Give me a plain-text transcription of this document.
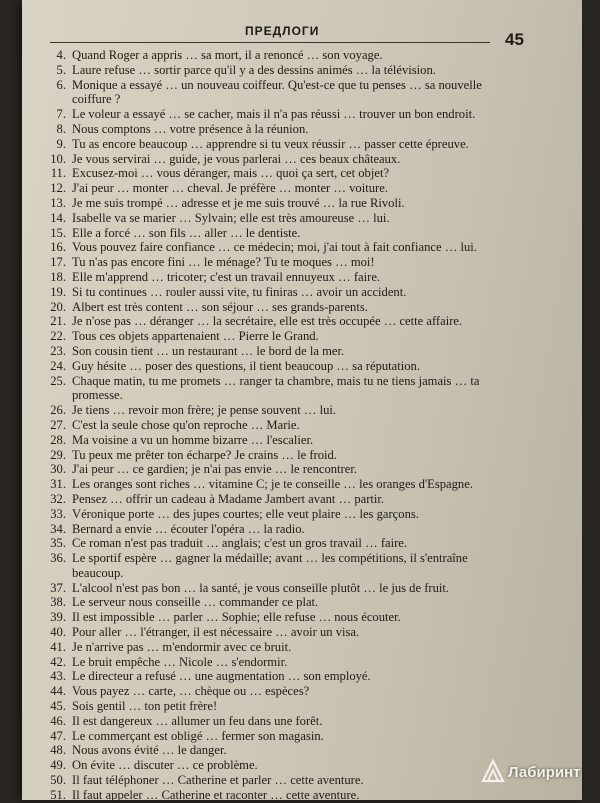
ПРЕДЛОГИ	45
4. Quand Roger a appris … sa mort, il a renoncé … son voyage.
5. Laure refuse … sortir parce qu'il y a des dessins animés … la télévision.
6. Monique a essayé … un nouveau coiffeur. Qu'est-ce que tu penses … sa nouvelle
coiffure ?
7. Le voleur a essayé … se cacher, mais il n'a pas réussi … trouver un bon endroit.
8. Nous comptons … votre présence à la réunion.
9. Tu as encore beaucoup … apprendre si tu veux réussir … passer cette épreuve.
10. Je vous servirai … guide, je vous parlerai … ces beaux châteaux.
11. Excusez-moi … vous déranger, mais … quoi ça sert, cet objet?
12. J'ai peur … monter … cheval. Je préfère … monter … voiture.
13. Je me suis trompé … adresse et je me suis trouvé … la rue Rivoli.
14. Isabelle va se marier … Sylvain; elle est très amoureuse … lui.
15. Elle a forcé … son fils … aller … le dentiste.
16. Vous pouvez faire confiance … ce médecin; moi, j'ai tout à fait confiance … lui.
17. Tu n'as pas encore fini … le ménage? Tu te moques … moi!
18. Elle m'apprend … tricoter; c'est un travail ennuyeux … faire.
19. Si tu continues … rouler aussi vite, tu finiras … avoir un accident.
20. Albert est très content … son séjour … ses grands-parents.
21. Je n'ose pas … déranger … la secrétaire, elle est très occupée … cette affaire.
22. Tous ces objets appartenaient … Pierre le Grand.
23. Son cousin tient … un restaurant … le bord de la mer.
24. Guy hésite … poser des questions, il tient beaucoup … sa réputation.
25. Chaque matin, tu me promets … ranger ta chambre, mais tu ne tiens jamais … ta
promesse.
26. Je tiens … revoir mon frère; je pense souvent … lui.
27. C'est la seule chose qu'on reproche … Marie.
28. Ma voisine a vu un homme bizarre … l'escalier.
29. Tu peux me prêter ton écharpe? Je crains … le froid.
30. J'ai peur … ce gardien; je n'ai pas envie … le rencontrer.
31. Les oranges sont riches … vitamine C; je te conseille … les oranges d'Espagne.
32. Pensez … offrir un cadeau à Madame Jambert avant … partir.
33. Véronique porte … des jupes courtes; elle veut plaire … les garçons.
34. Bernard a envie … écouter l'opéra … la radio.
35. Ce roman n'est pas traduit … anglais; c'est un gros travail … faire.
36. Le sportif espère … gagner la médaille; avant … les compétitions, il s'entraîne
beaucoup.
37. L'alcool n'est pas bon … la santé, je vous conseille plutôt … le jus de fruit.
38. Le serveur nous conseille … commander ce plat.
39. Il est impossible … parler … Sophie; elle refuse … nous écouter.
40. Pour aller … l'étranger, il est nécessaire … avoir un visa.
41. Je n'arrive pas … m'endormir avec ce bruit.
42. Le bruit empêche … Nicole … s'endormir.
43. Le directeur a refusé … une augmentation … son employé.
44. Vous payez … carte, … chèque ou … espèces?
45. Sois gentil … ton petit frère!
46. Il est dangereux … allumer un feu dans une forêt.
47. Le commerçant est obligé … fermer son magasin.
48. Nous avons évité … le danger.
49. On évite … discuter … ce problème.
50. Il faut téléphoner … Catherine et parler … cette aventure.
51. Il faut appeler … Catherine et raconter … cette aventure.
Лабиринт
